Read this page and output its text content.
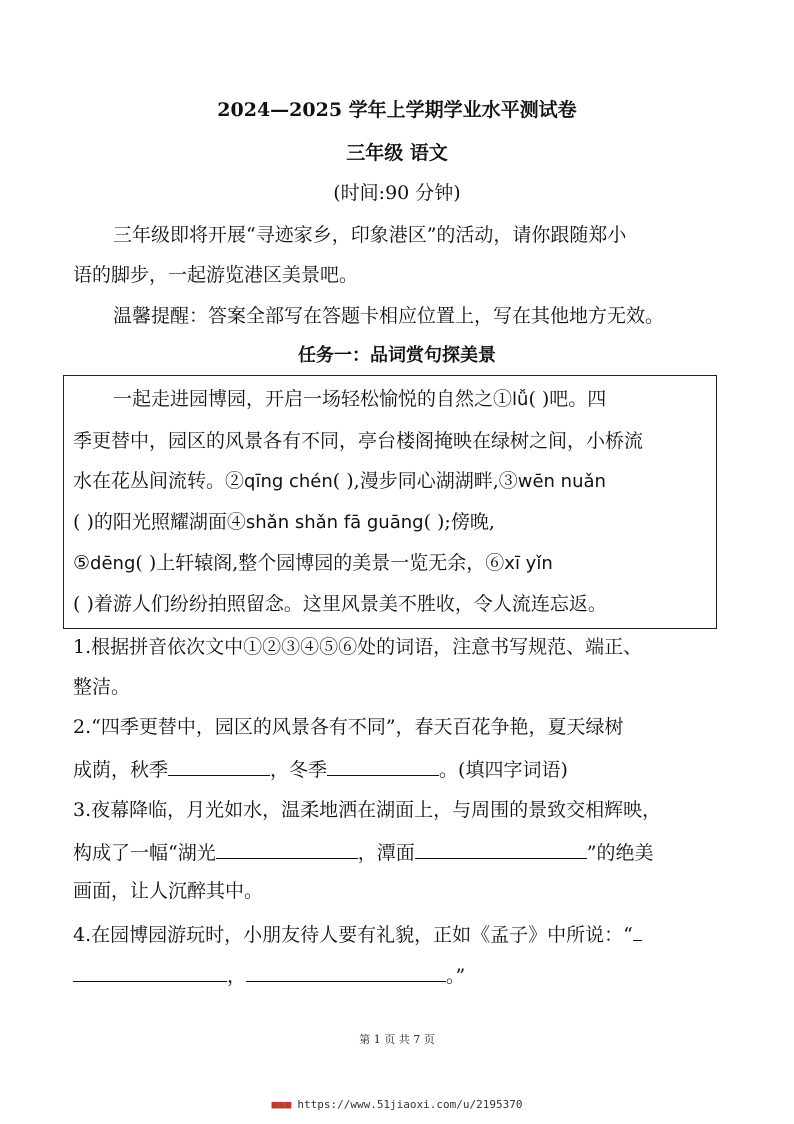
2024—2025 学年上学期学业水平测试卷
三年级 语文
(时间:90 分钟)
三年级即将开展“寻迹家乡，印象港区”的活动，请你跟随郑小
语的脚步，一起游览港区美景吧。
温馨提醒：答案全部写在答题卡相应位置上，写在其他地方无效。
任务一：品词赏句探美景
一起走进园博园，开启一场轻松愉悦的自然之①lǚ( )吧。四
季更替中，园区的风景各有不同，亭台楼阁掩映在绿树之间，小桥流
水在花丛间流转。②qīng chén( ),漫步同心湖湖畔,③wēn nuǎn
( )的阳光照耀湖面④shǎn shǎn fā guāng( );傍晚,
⑤dēng( )上轩辕阁,整个园博园的美景一览无余，⑥xī yǐn
( )着游人们纷纷拍照留念。这里风景美不胜收，令人流连忘返。
1.根据拼音依次文中①②③④⑤⑥处的词语，注意书写规范、端正、
整洁。
2.“四季更替中，园区的风景各有不同”，春天百花争艳，夏天绿树
成荫，秋季	，冬季	。(填四字词语)
3.夜幕降临，月光如水，温柔地洒在湖面上，与周围的景致交相辉映，
构成了一幅“湖光	，潭面	”的绝美
画面，让人沉醉其中。
4.在园博园游玩时，小朋友待人要有礼貌，正如《孟子》中所说：“
，	。”
第 1 页 共 7 页
■■■ https://www.51jiaoxi.com/u/2195370
